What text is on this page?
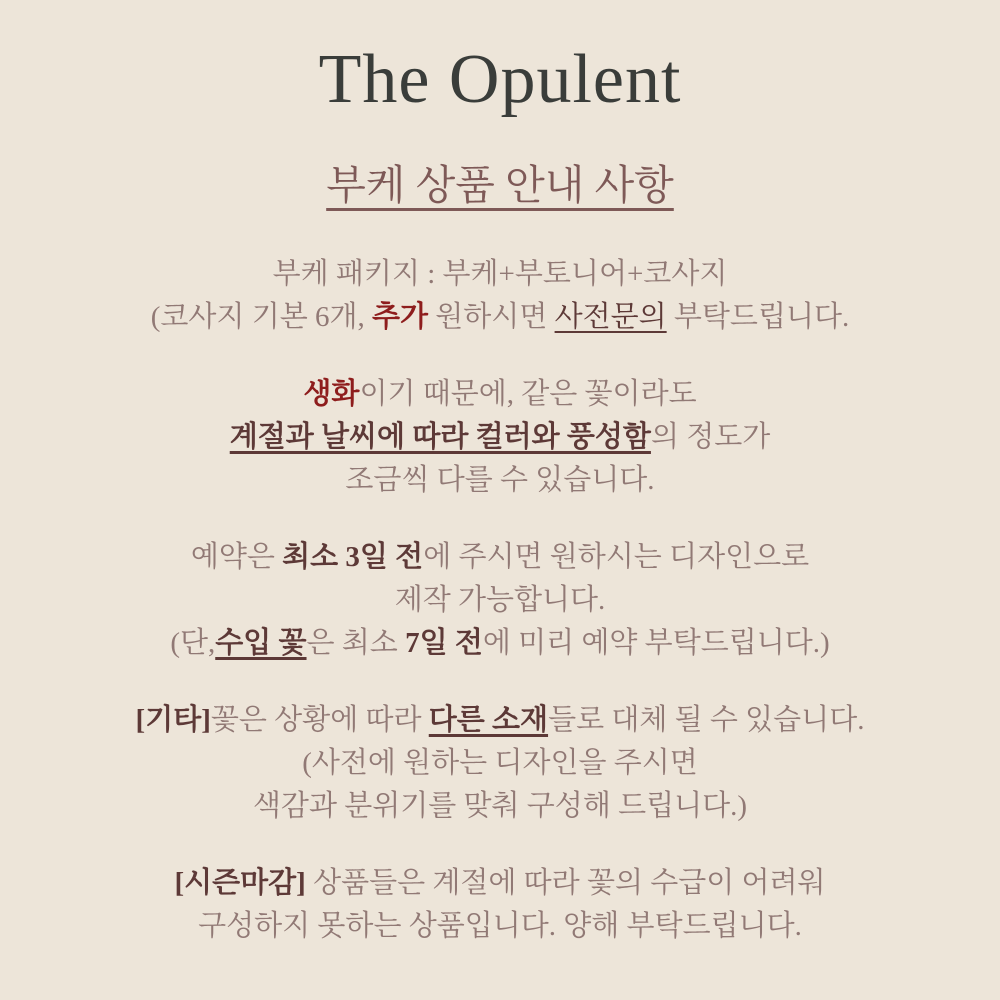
The Opulent
부케 상품 안내 사항
부케 패키지 : 부케+부토니어+코사지
(코사지 기본 6개, 추가 원하시면 사전문의 부탁드립니다.
생화이기 때문에, 같은 꽃이라도
계절과 날씨에 따라 컬러와 풍성함의 정도가
조금씩 다를 수 있습니다.
예약은 최소 3일 전에 주시면 원하시는 디자인으로
제작 가능합니다.
(단,수입 꽃은 최소 7일 전에 미리 예약 부탁드립니다.)
[기타]꽃은 상황에 따라 다른 소재들로 대체 될 수 있습니다.
(사전에 원하는 디자인을 주시면
색감과 분위기를 맞춰 구성해 드립니다.)
[시즌마감] 상품들은 계절에 따라 꽃의 수급이 어려워
구성하지 못하는 상품입니다. 양해 부탁드립니다.
